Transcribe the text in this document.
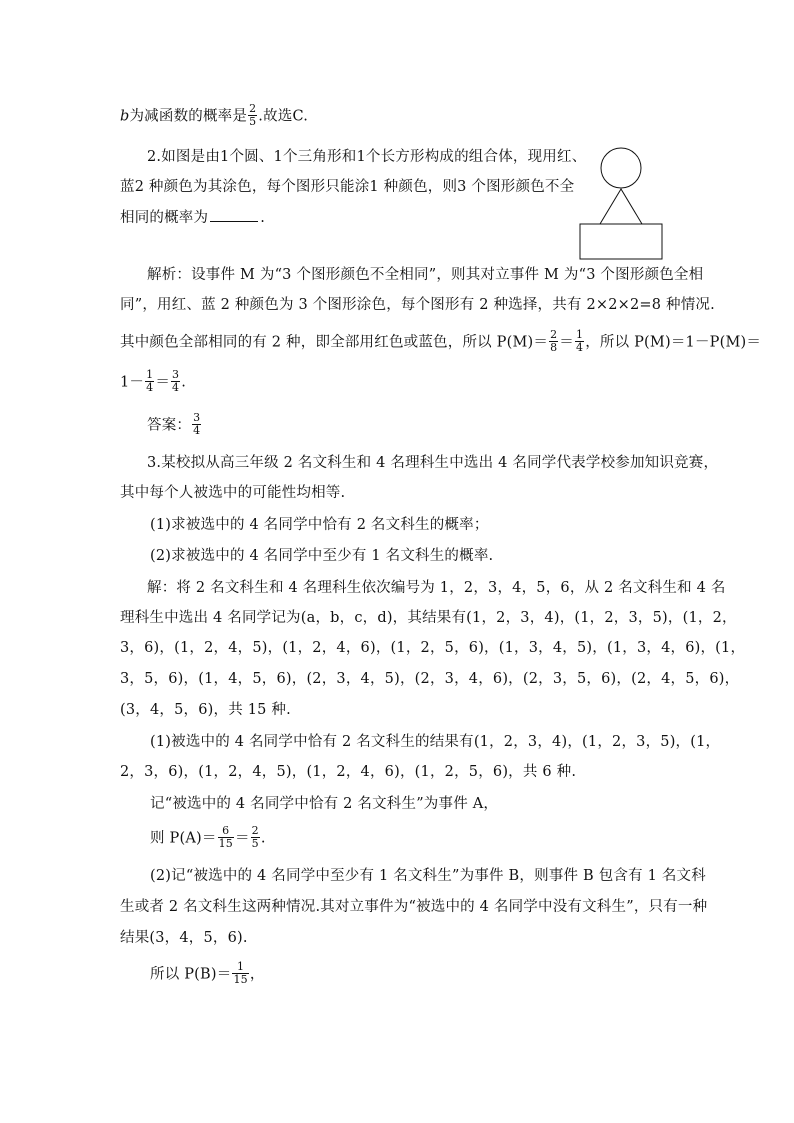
b为减函数的概率是 $\frac{2}{5}$ .故选C.
2.如图是由1个圆、1个三角形和1个长方形构成的组合体，现用红、
蓝2 种颜色为其涂色，每个图形只能涂1 种颜色，则3 个图形颜色不全
相同的概率为	.
解析：设事件 M 为“3 个图形颜色不全相同”，则其对立事件 M 为“3 个图形颜色全相
同”，用红、蓝 2 种颜色为 3 个图形涂色，每个图形有 2 种选择，共有 2×2×2=8 种情况.
其中颜色全部相同的有 2 种，即全部用红色或蓝色，所以 $P(M)= \frac{2}{8} = \frac{1}{4}$ ，所以 P(M)＝1－P(M)＝
$1- \frac{1}{4} = \frac{3}{4}$ .
答案： $\frac{3}{4}$
3.某校拟从高三年级 2 名文科生和 4 名理科生中选出 4 名同学代表学校参加知识竞赛，
其中每个人被选中的可能性均相等.
(1)求被选中的 4 名同学中恰有 2 名文科生的概率；
(2)求被选中的 4 名同学中至少有 1 名文科生的概率.
解：将 2 名文科生和 4 名理科生依次编号为 1，2，3，4，5，6，从 2 名文科生和 4 名
理科生中选出 4 名同学记为(a，b，c，d)，其结果有(1，2，3，4)，(1，2，3，5)，(1，2，
3，6)，(1，2，4，5)，(1，2，4，6)，(1，2，5，6)，(1，3，4，5)，(1，3，4，6)，(1，
3，5，6)，(1，4，5，6)，(2，3，4，5)，(2，3，4，6)，(2，3，5，6)，(2，4，5，6)，
(3，4，5，6)，共 15 种.
(1)被选中的 4 名同学中恰有 2 名文科生的结果有(1，2，3，4)，(1，2，3，5)，(1，
2，3，6)，(1，2，4，5)，(1，2，4，6)，(1，2，5，6)，共 6 种.
记“被选中的 4 名同学中恰有 2 名文科生”为事件 A，
则 $P(A)= \frac{6}{15} = \frac{2}{5}$ .
(2)记“被选中的 4 名同学中至少有 1 名文科生”为事件 B，则事件 B 包含有 1 名文科
生或者 2 名文科生这两种情况.其对立事件为“被选中的 4 名同学中没有文科生”，只有一种
结果(3，4，5，6).
所以 $P(B)= \frac{1}{15}$ ，
